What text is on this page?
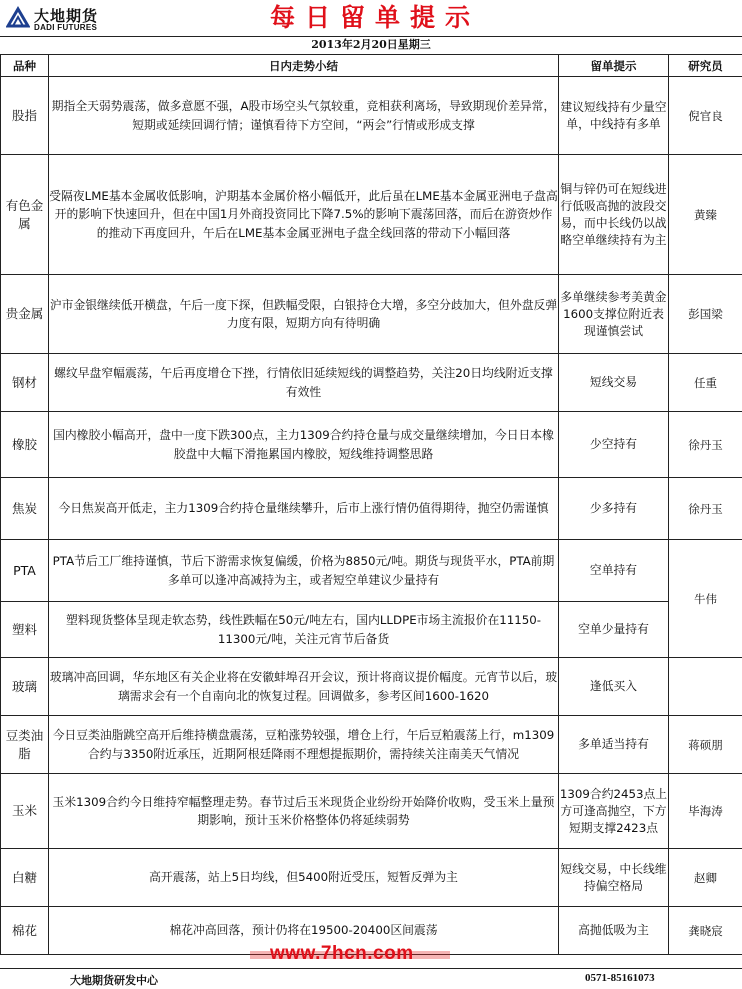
大地期货
DADI FUTURES	每日留单提示
2013年2月20日星期三
品种	日内走势小结	留单提示	研究员
股指	期指全天弱势震荡，做多意愿不强，A股市场空头气氛较重，竞相获利离场，导致期现价差异常，短期或延续回调行情；谨慎看待下方空间，“两会”行情或形成支撑	建议短线持有少量空单，中线持有多单	倪官良
有色金属	受隔夜LME基本金属收低影响，沪期基本金属价格小幅低开，此后虽在LME基本金属亚洲电子盘高开的影响下快速回升，但在中国1月外商投资同比下降7.5%的影响下震荡回落，而后在游资炒作的推动下再度回升，午后在LME基本金属亚洲电子盘全线回落的带动下小幅回落	铜与锌仍可在短线进行低吸高抛的波段交易，而中长线仍以战略空单继续持有为主	黄臻
贵金属	沪市金银继续低开横盘，午后一度下探，但跌幅受限，白银持仓大增，多空分歧加大，但外盘反弹力度有限，短期方向有待明确	多单继续参考美黄金1600支撑位附近表现谨慎尝试	彭国梁
钢材	螺纹早盘窄幅震荡，午后再度增仓下挫，行情依旧延续短线的调整趋势，关注20日均线附近支撑有效性	短线交易	任重
橡胶	国内橡胶小幅高开，盘中一度下跌300点，主力1309合约持仓量与成交量继续增加，今日日本橡胶盘中大幅下滑拖累国内橡胶，短线维持调整思路	少空持有	徐丹玉
焦炭	今日焦炭高开低走，主力1309合约持仓量继续攀升，后市上涨行情仍值得期待，抛空仍需谨慎	少多持有	徐丹玉
PTA	PTA节后工厂维持谨慎，节后下游需求恢复偏缓，价格为8850元/吨。期货与现货平水，PTA前期多单可以逢冲高减持为主，或者短空单建议少量持有	空单持有	牛伟
塑料	塑料现货整体呈现走软态势，线性跌幅在50元/吨左右，国内LLDPE市场主流报价在11150-11300元/吨，关注元宵节后备货	空单少量持有	
玻璃	玻璃冲高回调，华东地区有关企业将在安徽蚌埠召开会议，预计将商议提价幅度。元宵节以后，玻璃需求会有一个自南向北的恢复过程。回调做多，参考区间1600-1620	逢低买入	
豆类油脂	今日豆类油脂跳空高开后维持横盘震荡，豆粕涨势较强，增仓上行，午后豆粕震荡上行，m1309合约与3350附近承压，近期阿根廷降雨不理想提振期价，需持续关注南美天气情况	多单适当持有	蒋硕朋
玉米	玉米1309合约今日维持窄幅整理走势。春节过后玉米现货企业纷纷开始降价收购，受玉米上量预期影响，预计玉米价格整体仍将延续弱势	1309合约2453点上方可逢高抛空，下方短期支撑2423点	毕海涛
白糖	高开震荡，站上5日均线，但5400附近受压，短暂反弹为主	短线交易，中长线维持偏空格局	赵卿
棉花	棉花冲高回落，预计仍将在19500-20400区间震荡	高抛低吸为主	龚晓宸
www.7hcn.com
大地期货研发中心	0571-85161073
